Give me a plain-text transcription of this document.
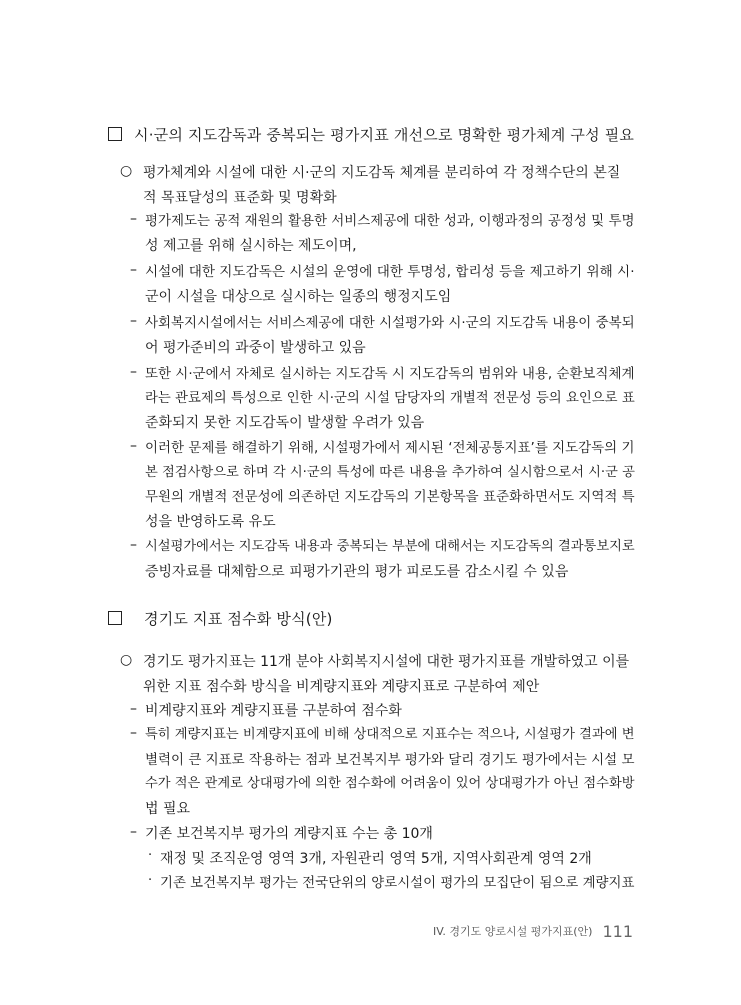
시·군의 지도감독과 중복되는 평가지표 개선으로 명확한 평가체계 구성 필요
○ 평가체계와 시설에 대한 시·군의 지도감독 체계를 분리하여 각 정책수단의 본질
적 목표달성의 표준화 및 명확화
– 평가제도는 공적 재원의 활용한 서비스제공에 대한 성과, 이행과정의 공정성 및 투명
성 제고를 위해 실시하는 제도이며,
– 시설에 대한 지도감독은 시설의 운영에 대한 투명성, 합리성 등을 제고하기 위해 시·
군이 시설을 대상으로 실시하는 일종의 행정지도임
– 사회복지시설에서는 서비스제공에 대한 시설평가와 시·군의 지도감독 내용이 중복되
어 평가준비의 과중이 발생하고 있음
– 또한 시·군에서 자체로 실시하는 지도감독 시 지도감독의 범위와 내용, 순환보직체계
라는 관료제의 특성으로 인한 시·군의 시설 담당자의 개별적 전문성 등의 요인으로 표
준화되지 못한 지도감독이 발생할 우려가 있음
– 이러한 문제를 해결하기 위해, 시설평가에서 제시된 ‘전체공통지표’를 지도감독의 기
본 점검사항으로 하며 각 시·군의 특성에 따른 내용을 추가하여 실시함으로서 시·군 공
무원의 개별적 전문성에 의존하던 지도감독의 기본항목을 표준화하면서도 지역적 특
성을 반영하도록 유도
– 시설평가에서는 지도감독 내용과 중복되는 부분에 대해서는 지도감독의 결과통보지로
증빙자료를 대체함으로 피평가기관의 평가 피로도를 감소시킬 수 있음
경기도 지표 점수화 방식(안)
○ 경기도 평가지표는 11개 분야 사회복지시설에 대한 평가지표를 개발하였고 이를
위한 지표 점수화 방식을 비계량지표와 계량지표로 구분하여 제안
– 비계량지표와 계량지표를 구분하여 점수화
– 특히 계량지표는 비계량지표에 비해 상대적으로 지표수는 적으나, 시설평가 결과에 변
별력이 큰 지표로 작용하는 점과 보건복지부 평가와 달리 경기도 평가에서는 시설 모
수가 적은 관계로 상대평가에 의한 점수화에 어려움이 있어 상대평가가 아닌 점수화방
법 필요
– 기존 보건복지부 평가의 계량지표 수는 총 10개
· 재정 및 조직운영 영역 3개, 자원관리 영역 5개, 지역사회관계 영역 2개
· 기존 보건복지부 평가는 전국단위의 양로시설이 평가의 모집단이 됨으로 계량지표
IV. 경기도 양로시설 평가지표(안) 111
